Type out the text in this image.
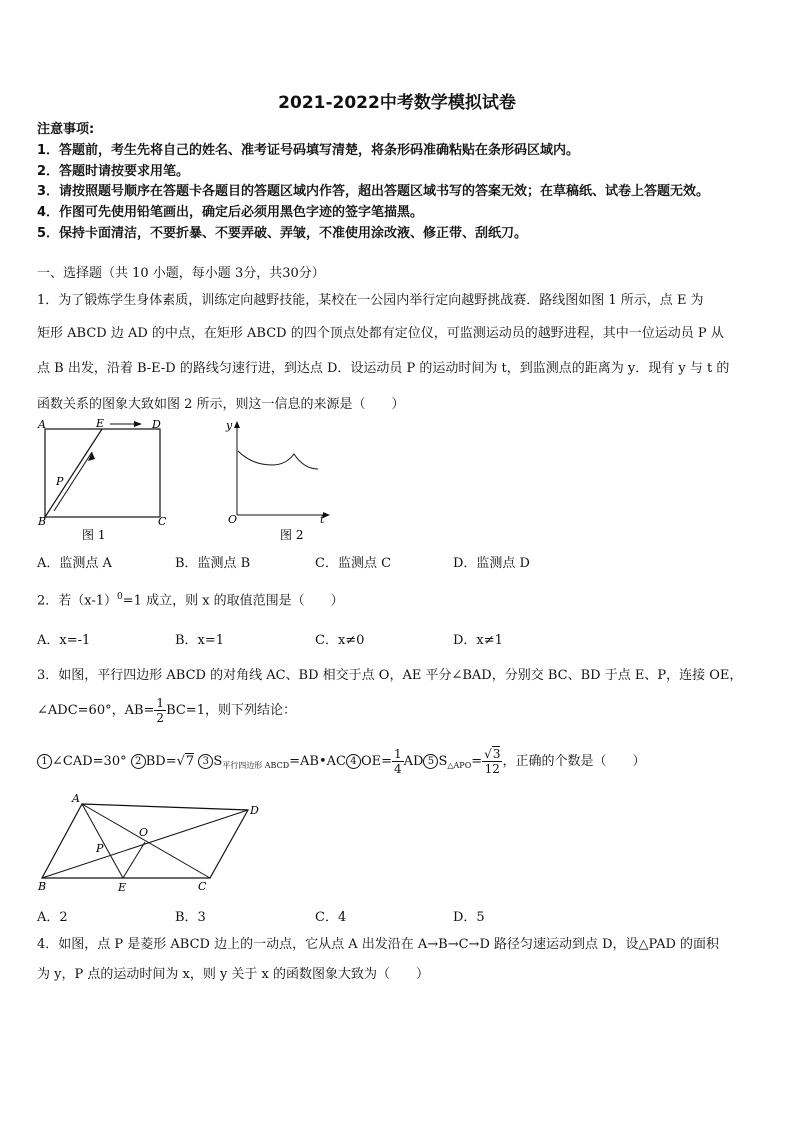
2021-2022中考数学模拟试卷
注意事项:
1．答题前，考生先将自己的姓名、准考证号码填写清楚，将条形码准确粘贴在条形码区域内。
2．答题时请按要求用笔。
3．请按照题号顺序在答题卡各题目的答题区域内作答，超出答题区域书写的答案无效；在草稿纸、试卷上答题无效。
4．作图可先使用铅笔画出，确定后必须用黑色字迹的签字笔描黑。
5．保持卡面清洁，不要折暴、不要弄破、弄皱，不准使用涂改液、修正带、刮纸刀。
一、选择题（共 10 小题，每小题 3分，共30分）
1．为了锻炼学生身体素质，训练定向越野技能，某校在一公园内举行定向越野挑战赛．路线图如图 1 所示，点 E 为
矩形 ABCD 边 AD 的中点，在矩形 ABCD 的四个顶点处都有定位仪，可监测运动员的越野进程，其中一位运动员 P 从
点 B 出发，沿着 B-E-D 的路线匀速行进，到达点 D．设运动员 P 的运动时间为 t，到监测点的距离为 y．现有 y 与 t 的
函数关系的图象大致如图 2 所示，则这一信息的来源是（　　）
A	E	D
P
B	C
图 1
y
O	t
图 2
A．监测点 A	B．监测点 B	C．监测点 C	D．监测点 D
2．若$(x-1)^0=1$ 成立，则 x 的取值范围是（　　）
A．x=-1	B．x=1	C．x≠0	D．x≠1
3．如图，平行四边形 ABCD 的对角线 AC、BD 相交于点 O，AE 平分∠BAD，分别交 BC、BD 于点 E、P，连接 OE，
∠ADC=60°，$AB= \frac{1}{2} BC=1$，则下列结论：
1 ∠CAD=30° 2 BD=√7 3 $S_{平行四边形 ABCD}=AB•AC$ 4 $OE= \frac{1}{4}$ AD 5 $S_{\triangle APO}= \frac{√3}{12}$ ，正确的个数是（　　）
A
D
O
P
B	E	C
A．2	B．3	C．4	D．5
4．如图，点 P 是菱形 ABCD 边上的一动点，它从点 A 出发沿在 A→B→C→D 路径匀速运动到点 D，设△PAD 的面积
为 y，P 点的运动时间为 x，则 y 关于 x 的函数图象大致为（　　）
